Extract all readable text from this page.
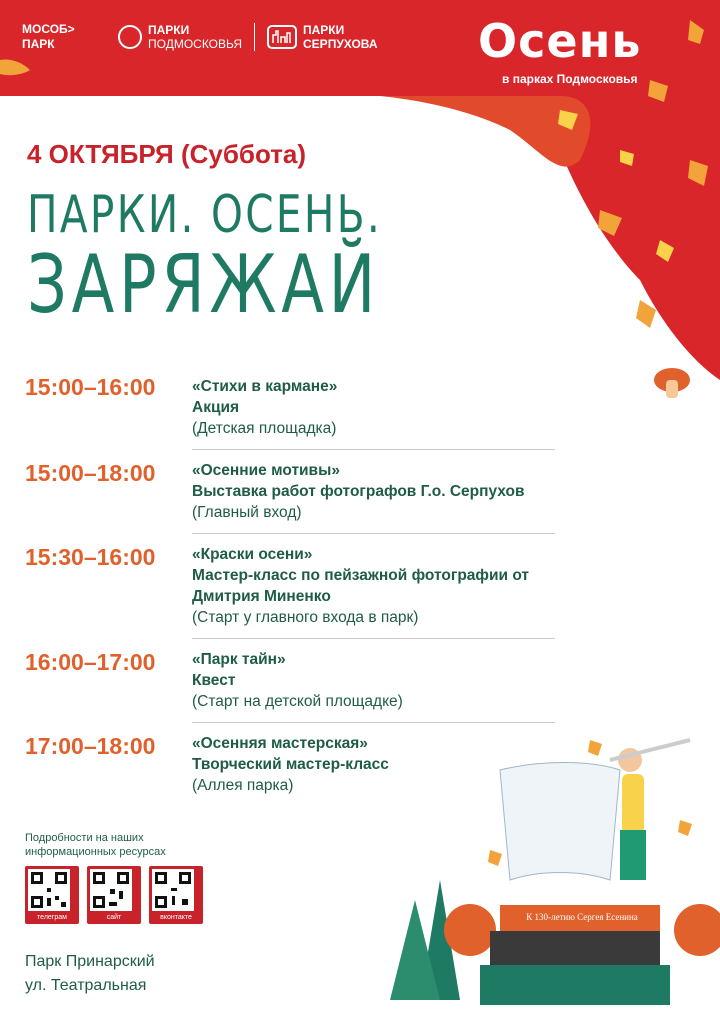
МОСОБ>
ПАРК
ПАРКИ
ПОДМОСКОВЬЯ
ПАРКИ
СЕРПУХОВА Осень
в парках Подмосковья
4 ОКТЯБРЯ (Суббота)
ПАРКИ. ОСЕНЬ.
ЗАРЯЖАЙ
15:00–16:00 «Стихи в кармане»
Акция
(Детская площадка)
15:00–18:00 «Осенние мотивы»
Выставка работ фотографов Г.о. Серпухов
(Главный вход)
15:30–16:00 «Краски осени»
Мастер-класс по пейзажной фотографии от Дмитрия Миненко
(Старт у главного входа в парк)
16:00–17:00 «Парк тайн»
Квест
(Старт на детской площадке)
17:00–18:00 «Осенняя мастерская»
Творческий мастер-класс
(Аллея парка)
Подробности на наших информационных ресурсах
телеграм	сайт	вконтакте
Парк Принарский
ул. Театральная
К 130-летию Сергея Есенина
